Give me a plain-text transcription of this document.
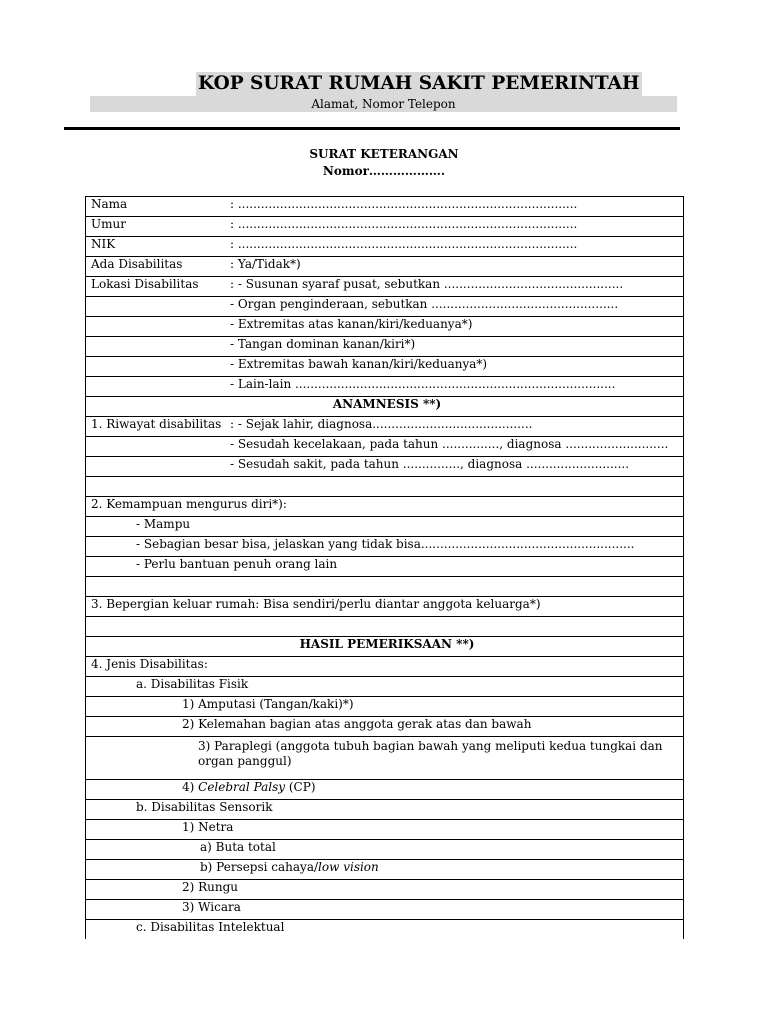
KOP SURAT RUMAH SAKIT PEMERINTAH
Alamat, Nomor Telepon
SURAT KETERANGAN
Nomor……………….
Nama	: .........................................................................................
Umur	: .........................................................................................
NIK	: .........................................................................................
Ada Disabilitas	: Ya/Tidak*)
Lokasi Disabilitas	: - Susunan syaraf pusat, sebutkan ...............................................
	- Organ penginderaan, sebutkan .................................................
	- Extremitas atas kanan/kiri/keduanya*)
	- Tangan dominan kanan/kiri*)
	- Extremitas bawah kanan/kiri/keduanya*)
	- Lain-lain ....................................................................................
ANAMNESIS **)	
1. Riwayat disabilitas	: - Sejak lahir, diagnosa..........................................
	- Sesudah kecelakaan, pada tahun ..............., diagnosa ...........................
	- Sesudah sakit, pada tahun ..............., diagnosa ...........................

2. Kemampuan mengurus diri*):	
- Mampu	
- Sebagian besar bisa, jelaskan yang tidak bisa........................................................	
- Perlu bantuan penuh orang lain	

3. Bepergian keluar rumah: Bisa sendiri/perlu diantar anggota keluarga*)	

HASIL PEMERIKSAAN **)	
4. Jenis Disabilitas:	
a. Disabilitas Fisik	
1) Amputasi (Tangan/kaki)*)	
2) Kelemahan bagian atas anggota gerak atas dan bawah	
3) Paraplegi (anggota tubuh bagian bawah yang meliputi kedua tungkai dan organ panggul)	
4) Celebral Palsy (CP)	
b. Disabilitas Sensorik	
1) Netra	
a) Buta total	
b) Persepsi cahaya/low vision	
2) Rungu	
3) Wicara	
c. Disabilitas Intelektual	
